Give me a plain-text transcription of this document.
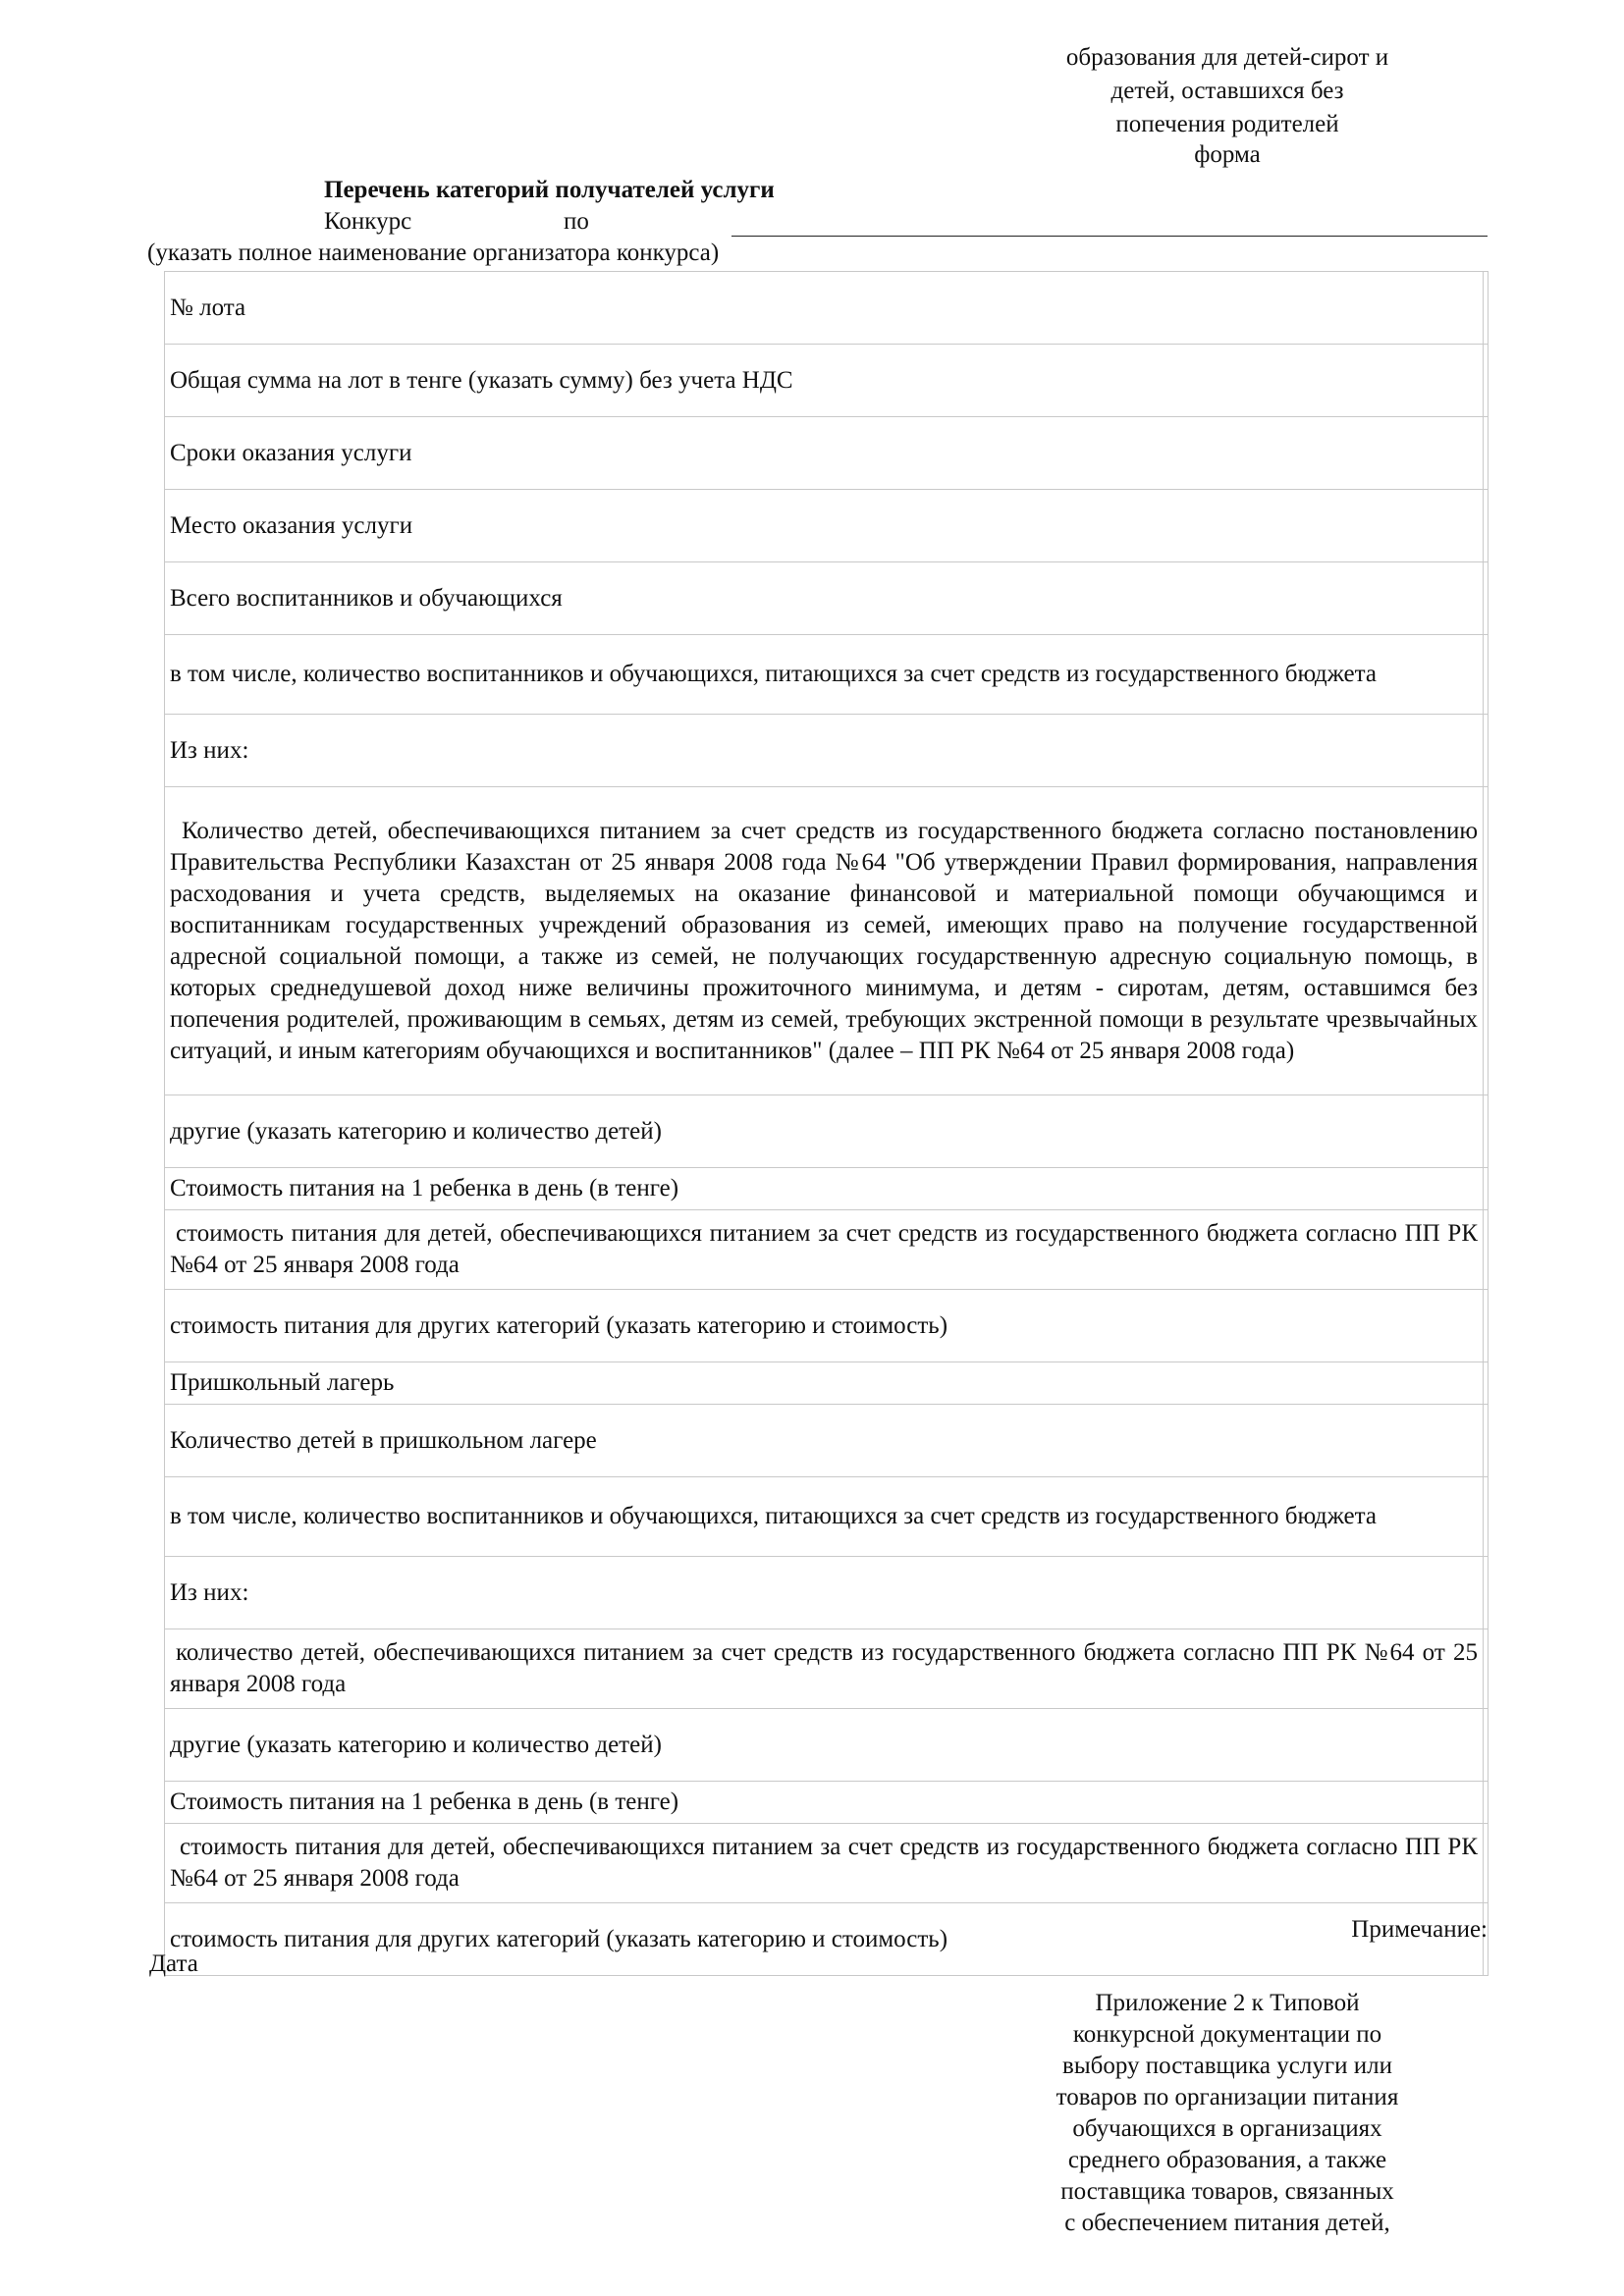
образования для детей-сирот и
детей, оставшихся без
попечения родителей
форма
Перечень категорий получателей услуги
Конкурс	по
(указать полное наименование организатора конкурса)
№ лота	
Общая сумма на лот в тенге (указать сумму) без учета НДС	
Сроки оказания услуги	
Место оказания услуги	
Всего воспитанников и обучающихся	
в том числе, количество воспитанников и обучающихся, питающихся за счет средств из государственного бюджета	
Из них:	
Количество детей, обеспечивающихся питанием за счет средств из государственного бюджета согласно постановлению Правительства Республики Казахстан от 25 января 2008 года №64 "Об утверждении Правил формирования, направления расходования и учета средств, выделяемых на оказание финансовой и материальной помощи обучающимся и воспитанникам государственных учреждений образования из семей, имеющих право на получение государственной адресной социальной помощи, а также из семей, не получающих государственную адресную социальную помощь, в которых среднедушевой доход ниже величины прожиточного минимума, и детям - сиротам, детям, оставшимся без попечения родителей, проживающим в семьях, детям из семей, требующих экстренной помощи в результате чрезвычайных ситуаций, и иным категориям обучающихся и воспитанников" (далее – ПП РК №64 от 25 января 2008 года)	
другие (указать категорию и количество детей)	
Стоимость питания на 1 ребенка в день (в тенге)	
стоимость питания для детей, обеспечивающихся питанием за счет средств из государственного бюджета согласно ПП РК №64 от 25 января 2008 года	
стоимость питания для других категорий (указать категорию и стоимость)	
Пришкольный лагерь	
Количество детей в пришкольном лагере	
в том числе, количество воспитанников и обучающихся, питающихся за счет средств из государственного бюджета	
Из них:	
количество детей, обеспечивающихся питанием за счет средств из государственного бюджета согласно ПП РК №64 от 25 января 2008 года	
другие (указать категорию и количество детей)	
Стоимость питания на 1 ребенка в день (в тенге)	
стоимость питания для детей, обеспечивающихся питанием за счет средств из государственного бюджета согласно ПП РК №64 от 25 января 2008 года	
стоимость питания для других категорий (указать категорию и стоимость)		Примечание:
Дата
Приложение 2 к Типовой
конкурсной документации по
выбору поставщика услуги или
товаров по организации питания
обучающихся в организациях
среднего образования, а также
поставщика товаров, связанных
с обеспечением питания детей,
